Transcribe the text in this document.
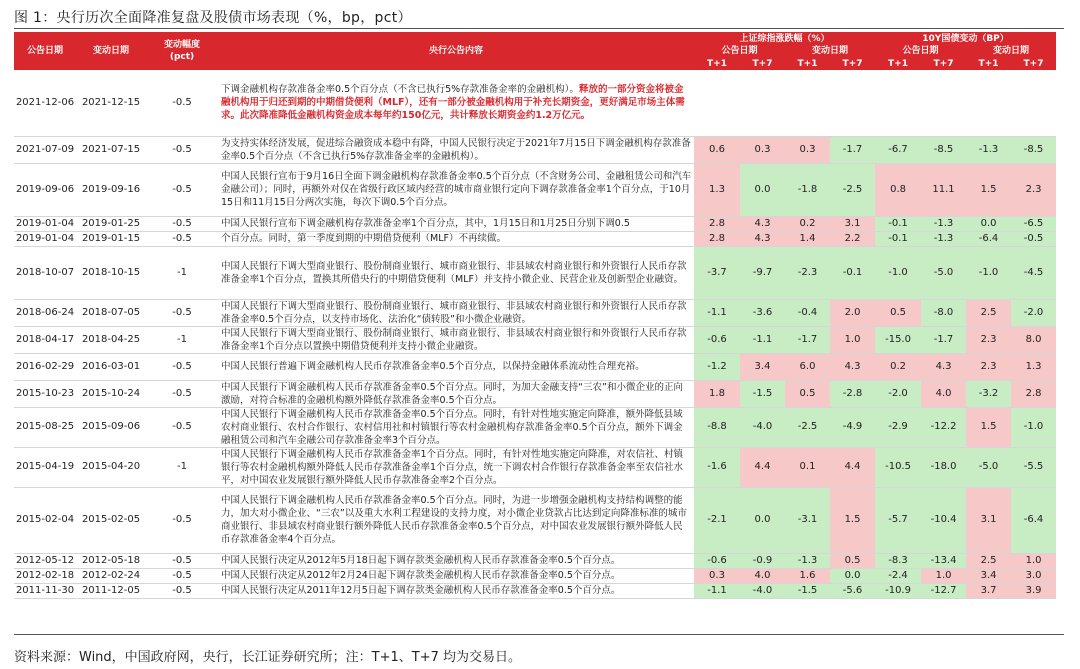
图 1：央行历次全面降准复盘及股债市场表现（%，bp，pct）
公告日期	变动日期	变动幅度
(pct)	央行公告内容	上证综指涨跌幅（%）				10Y国债变动（BP）			
				公告日期		变动日期		公告日期		变动日期	
				T+1	T+7	T+1	T+7	T+1	T+7	T+1	T+7
2021-12-06	2021-12-15	-0.5	下调金融机构存款准备金率0.5个百分点（不含已执行5%存款准备金率的金融机构）。释放的一部分资金将被金融机构用于归还到期的中期借贷便利（MLF），还有一部分被金融机构用于补充长期资金，更好满足市场主体需求。此次降准降低金融机构资金成本每年约150亿元，共计释放长期资金约1.2万亿元。								
2021-07-09	2021-07-15	-0.5	为支持实体经济发展，促进综合融资成本稳中有降，中国人民银行决定于2021年7月15日下调金融机构存款准备金率0.5个百分点（不含已执行5%存款准备金率的金融机构）。	0.6	0.3	0.3	-1.7	-6.7	-8.5	-1.3	-8.5
2019-09-06	2019-09-16	-0.5	中国人民银行宣布于9月16日全面下调金融机构存款准备金率0.5个百分点（不含财务公司、金融租赁公司和汽车金融公司）；同时，再额外对仅在省级行政区域内经营的城市商业银行定向下调存款准备金率1个百分点，于10月15日和11月15日分两次实施，每次下调0.5个百分点。	1.3	0.0	-1.8	-2.5	0.8	11.1	1.5	2.3
2019-01-04	2019-01-25	-0.5	中国人民银行宣布下调金融机构存款准备金率1个百分点，其中，1月15日和1月25日分别下调0.5	2.8	4.3	0.2	3.1	-0.1	-1.3	0.0	-6.5
2019-01-04	2019-01-15	-0.5	个百分点。同时，第一季度到期的中期借贷便利（MLF）不再续做。	2.8	4.3	1.4	2.2	-0.1	-1.3	-6.4	-0.5
2018-10-07	2018-10-15	-1	中国人民银行下调大型商业银行、股份制商业银行、城市商业银行、非县域农村商业银行和外资银行人民币存款准备金率1个百分点，置换其所借央行的中期借贷便利（MLF）并支持小微企业、民营企业及创新型企业融资。	-3.7	-9.7	-2.3	-0.1	-1.0	-5.0	-1.0	-4.5
2018-06-24	2018-07-05	-0.5	中国人民银行下调大型商业银行、股份制商业银行、城市商业银行、非县域农村商业银行和外资银行人民币存款准备金率0.5个百分点，以支持市场化、法治化“债转股”和小微企业融资。	-1.1	-3.6	-0.4	2.0	0.5	-8.0	2.5	-2.0
2018-04-17	2018-04-25	-1	中国人民银行下调大型商业银行、股份制商业银行、城市商业银行、非县域农村商业银行和外资银行人民币存款准备金率1个百分点以置换中期借贷便利并支持小微企业融资。	-0.6	-1.1	-1.7	1.0	-15.0	-1.7	2.3	8.0
2016-02-29	2016-03-01	-0.5	中国人民银行普遍下调金融机构人民币存款准备金率0.5个百分点，以保持金融体系流动性合理充裕。	-1.2	3.4	6.0	4.3	0.2	4.3	2.3	1.3
2015-10-23	2015-10-24	-0.5	中国人民银行下调金融机构人民币存款准备金率0.5个百分点。同时，为加大金融支持“三农”和小微企业的正向激励，对符合标准的金融机构额外降低存款准备金率0.5个百分点。	1.8	-1.5	0.5	-2.8	-2.0	4.0	-3.2	2.8
2015-08-25	2015-09-06	-0.5	中国人民银行下调金融机构人民币存款准备金率0.5个百分点。同时，有针对性地实施定向降准，额外降低县域农村商业银行、农村合作银行、农村信用社和村镇银行等农村金融机构存款准备金率0.5个百分点，额外下调金融租赁公司和汽车金融公司存款准备金率3个百分点。	-8.8	-4.0	-2.5	-4.9	-2.9	-12.2	1.5	-1.0
2015-04-19	2015-04-20	-1	中国人民银行下调金融机构人民币存款准备金率1个百分点。同时，有针对性地实施定向降准，对农信社、村镇银行等农村金融机构额外降低人民币存款准备金率1个百分点，统一下调农村合作银行存款准备金率至农信社水平，对中国农业发展银行额外降低人民币存款准备金率2个百分点。	-1.6	4.4	0.1	4.4	-10.5	-18.0	-5.0	-5.5
2015-02-04	2015-02-05	-0.5	中国人民银行下调金融机构人民币存款准备金率0.5个百分点。同时，为进一步增强金融机构支持结构调整的能力，加大对小微企业、“三农”以及重大水利工程建设的支持力度，对小微企业贷款占比达到定向降准标准的城市商业银行、非县域农村商业银行额外降低人民币存款准备金率0.5个百分点，对中国农业发展银行额外降低人民币存款准备金率4个百分点。	-2.1	0.0	-3.1	1.5	-5.7	-10.4	3.1	-6.4
2012-05-12	2012-05-18	-0.5	中国人民银行决定从2012年5月18日起下调存款类金融机构人民币存款准备金率0.5个百分点。	-0.6	-0.9	-1.3	0.5	-8.3	-13.4	2.5	1.0
2012-02-18	2012-02-24	-0.5	中国人民银行决定从2012年2月24日起下调存款类金融机构人民币存款准备金率0.5个百分点。	0.3	4.0	1.6	0.0	-2.4	1.0	3.4	3.0
2011-11-30	2011-12-05	-0.5	中国人民银行决定从2011年12月5日起下调存款类金融机构人民币存款准备金率0.5个百分点。	-1.1	-4.0	-1.5	-5.6	-10.9	-12.7	3.7	3.9
资料来源：Wind，中国政府网，央行，长江证券研究所；注：T+1、T+7 均为交易日。
